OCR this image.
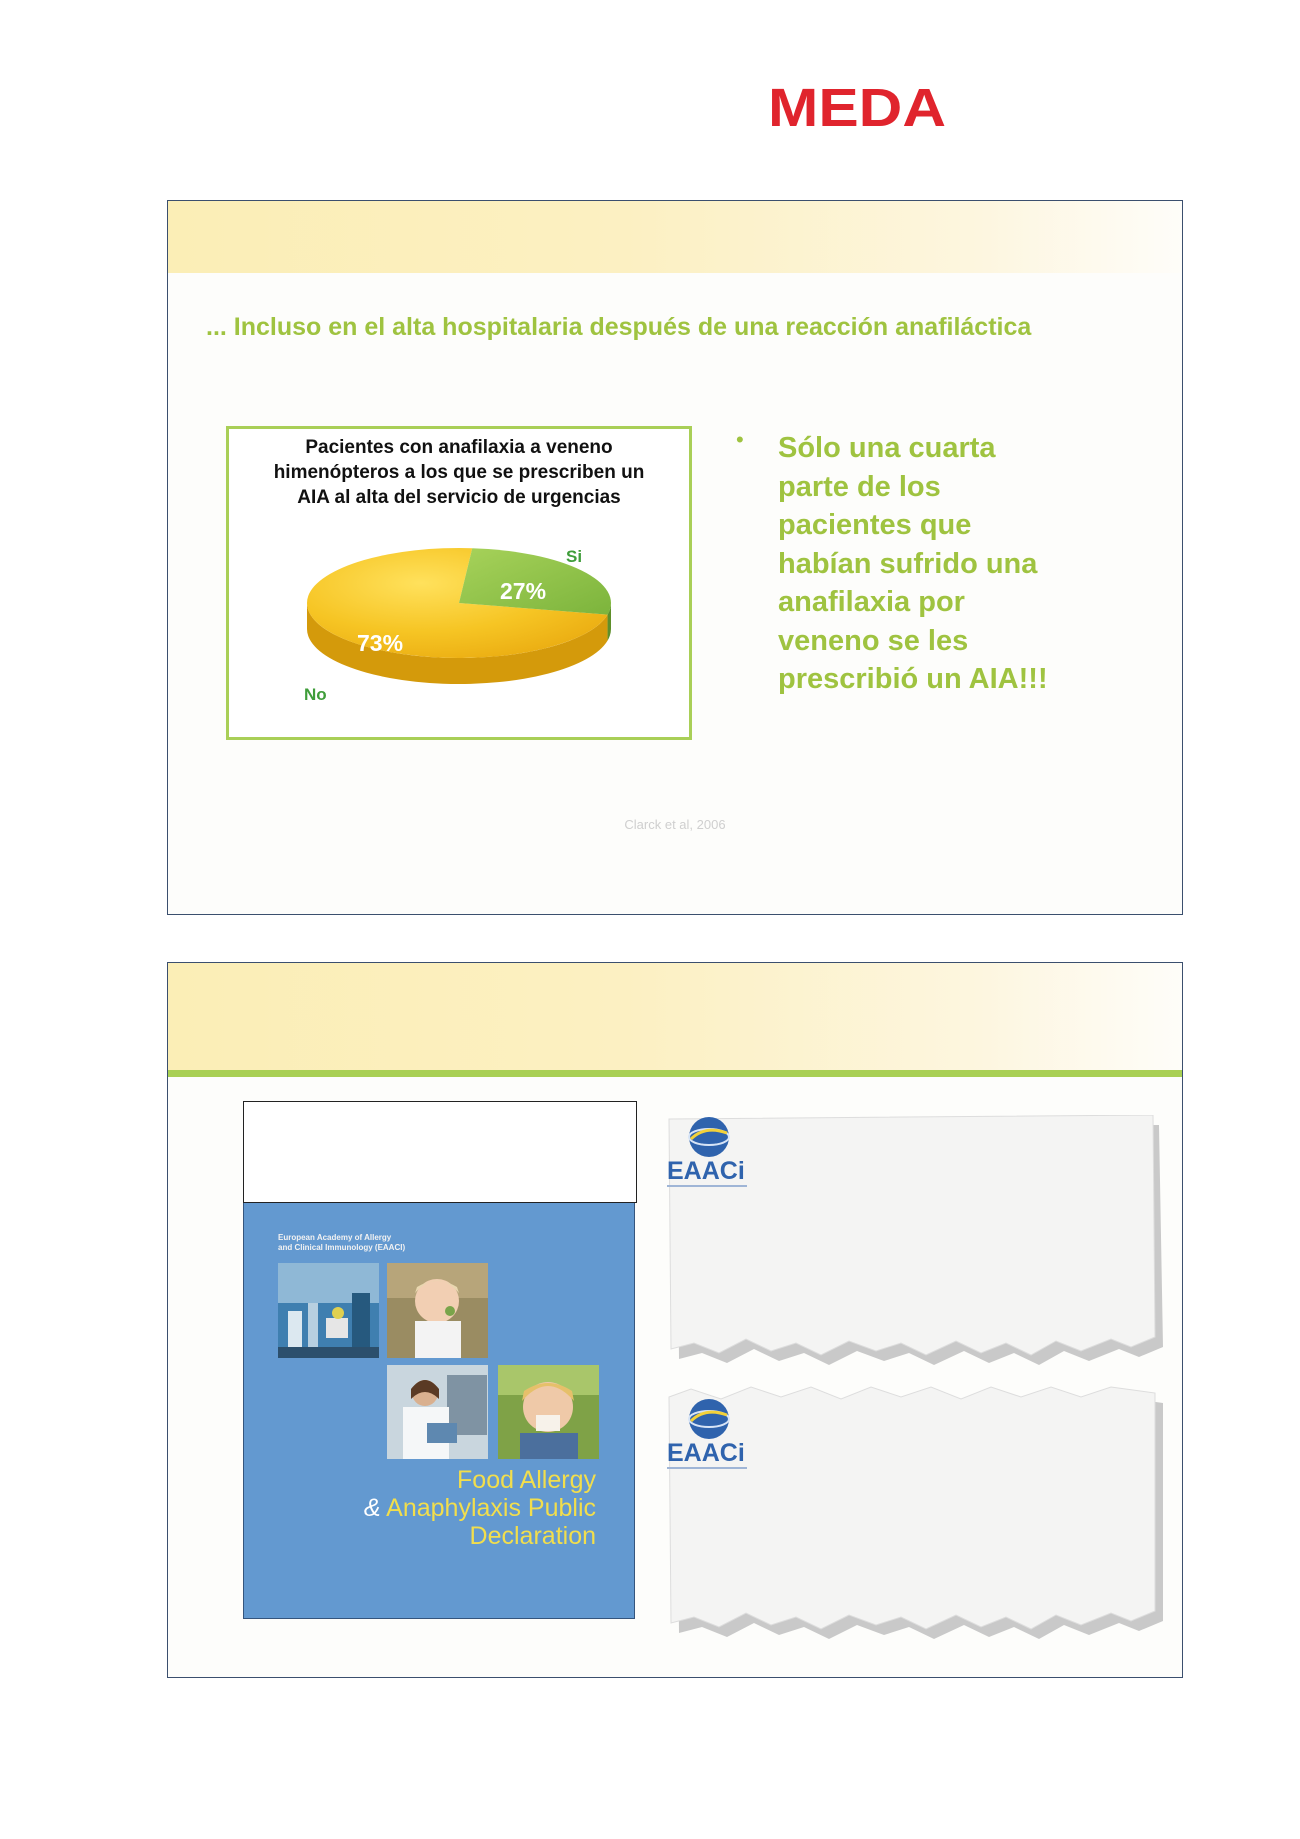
MEDA

... Incluso en el alta hospitalaria después de una reacción anafiláctica

Pacientes con anafilaxia a veneno
himenópteros a los que se prescriben un
AIA al alta del servicio de urgencias

No
Si
73%
27%
• Sólo una cuarta
parte de los
pacientes que
habían sufrido una
anafilaxia por
veneno se les
prescribió un AIA!!!
Clarck et al, 2006

European Academy of Allergy
and Clinical Immunology (EAACI)

Food Allergy
& Anaphylaxis Public
Declaration
EAACi
EAACi
